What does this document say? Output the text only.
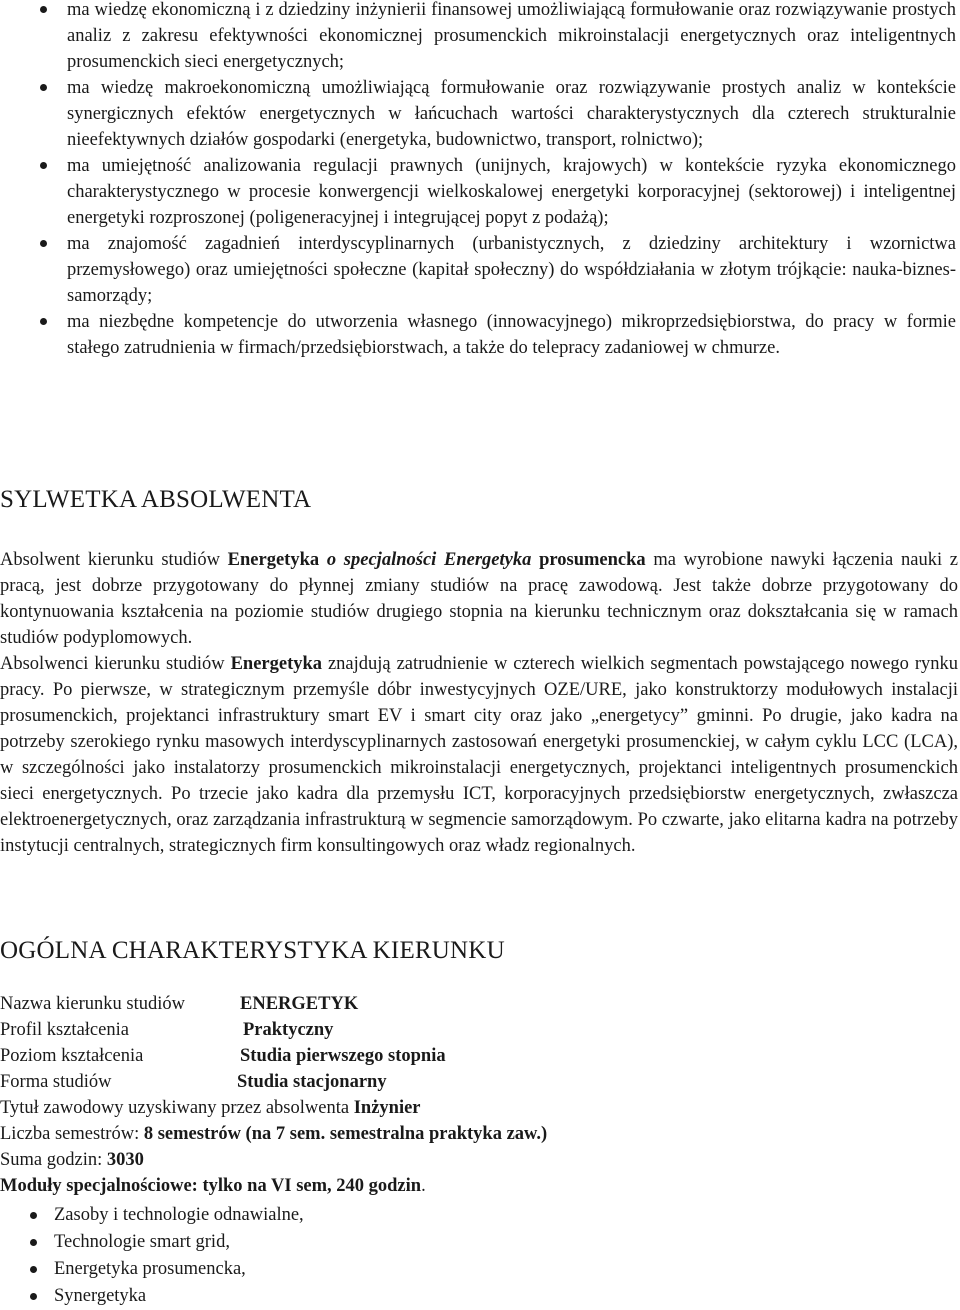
ma wiedzę ekonomiczną i z dziedziny inżynierii finansowej umożliwiającą formułowanie oraz rozwiązywanie prostych analiz z zakresu efektywności ekonomicznej prosumenckich mikroinstalacji energetycznych oraz inteligentnych prosumenckich sieci energetycznych;
ma wiedzę makroekonomiczną umożliwiającą formułowanie oraz rozwiązywanie prostych analiz w kontekście synergicznych efektów energetycznych w łańcuchach wartości charakterystycznych dla czterech strukturalnie nieefektywnych działów gospodarki (energetyka, budownictwo, transport, rolnictwo);
ma umiejętność analizowania regulacji prawnych (unijnych, krajowych) w kontekście ryzyka ekonomicznego charakterystycznego w procesie konwergencji wielkoskalowej energetyki korporacyjnej (sektorowej) i inteligentnej energetyki rozproszonej (poligeneracyjnej i integrującej popyt z podażą);
ma znajomość zagadnień interdyscyplinarnych (urbanistycznych, z dziedziny architektury i wzornictwa przemysłowego) oraz umiejętności społeczne (kapitał społeczny) do współdziałania w złotym trójkącie: nauka-biznes-samorządy;
ma niezbędne kompetencje do utworzenia własnego (innowacyjnego) mikroprzedsiębiorstwa, do pracy w formie stałego zatrudnienia w firmach/przedsiębiorstwach, a także do telepracy zadaniowej w chmurze.
SYLWETKA ABSOLWENTA

Absolwent kierunku studiów Energetyka o specjalności Energetyka prosumencka ma wyrobione nawyki łączenia nauki z pracą, jest dobrze przygotowany do płynnej zmiany studiów na pracę zawodową. Jest także dobrze przygotowany do kontynuowania kształcenia na poziomie studiów drugiego stopnia na kierunku technicznym oraz dokształcania się w ramach studiów podyplomowych.

Absolwenci kierunku studiów Energetyka znajdują zatrudnienie w czterech wielkich segmentach powstającego nowego rynku pracy. Po pierwsze, w strategicznym przemyśle dóbr inwestycyjnych OZE/URE, jako konstruktorzy modułowych instalacji prosumenckich, projektanci infrastruktury smart EV i smart city oraz jako „energetycy” gminni. Po drugie, jako kadra na potrzeby szerokiego rynku masowych interdyscyplinarnych zastosowań energetyki prosumenckiej, w całym cyklu LCC (LCA), w szczególności jako instalatorzy prosumenckich mikroinstalacji energetycznych, projektanci inteligentnych prosumenckich sieci energetycznych. Po trzecie jako kadra dla przemysłu ICT, korporacyjnych przedsiębiorstw energetycznych, zwłaszcza elektroenergetycznych, oraz zarządzania infrastrukturą w segmencie samorządowym. Po czwarte, jako elitarna kadra na potrzeby instytucji centralnych, strategicznych firm konsultingowych oraz władz regionalnych.

OGÓLNA CHARAKTERYSTYKA KIERUNKU
Nazwa kierunku studiów	ENERGETYK
Profil kształcenia	Praktyczny
Poziom kształcenia	Studia pierwszego stopnia
Forma studiów	Studia stacjonarny
Tytuł zawodowy uzyskiwany przez absolwenta Inżynier
Liczba semestrów: 8 semestrów (na 7 sem. semestralna praktyka zaw.)
Suma godzin: 3030
Moduły specjalnościowe: tylko na VI sem, 240 godzin.
Zasoby i technologie odnawialne,
Technologie smart grid,
Energetyka prosumencka,
Synergetyka
